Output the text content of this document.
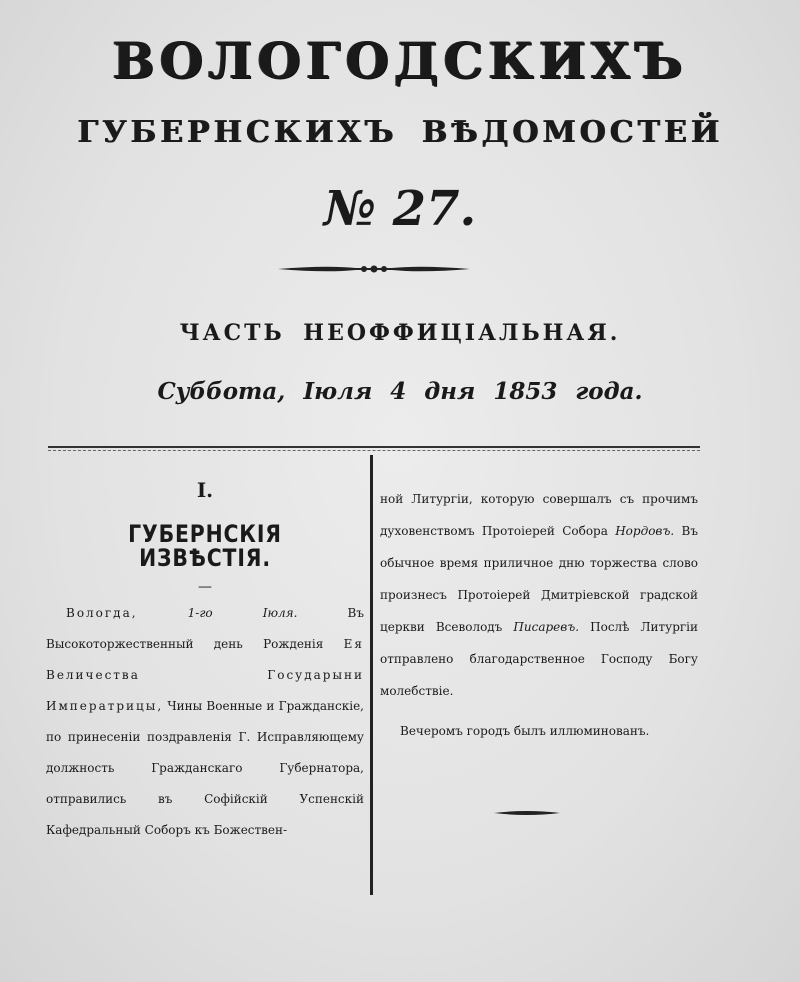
ВОЛОГОДСКИХЪ
ГУБЕРНСКИХЪ ВѢДОМОСТЕЙ
№ 27.
ЧАСТЬ НЕОФФИЦІАЛЬНАЯ.
Суббота, Іюля 4 дня 1853 года.
I.
ГУБЕРНСКІЯ ИЗВѢСТІЯ.
—

Вологда,	1-го Іюля.	Въ Высокоторжественный день Рожденія Ея Величества Государыни Императрицы, Чины Военные и Гражданскіе, по принесеніи поздравленія Г. Исправляющему должность Гражданскаго Губернатора, отправились въ Софійскій Успенскій Кафедральный Соборъ къ Божествен-

ной Литургіи, которую совершалъ съ прочимъ духовенствомъ Протоіерей Собора Нордовъ. Въ обычное время приличное дню торжества слово произнесъ Протоіерей Дмитріевской градской церкви Всеволодъ Писаревъ. Послѣ Литургіи отправлено благодарственное Господу Богу молебствіе.

Вечеромъ городъ былъ иллюминованъ.
